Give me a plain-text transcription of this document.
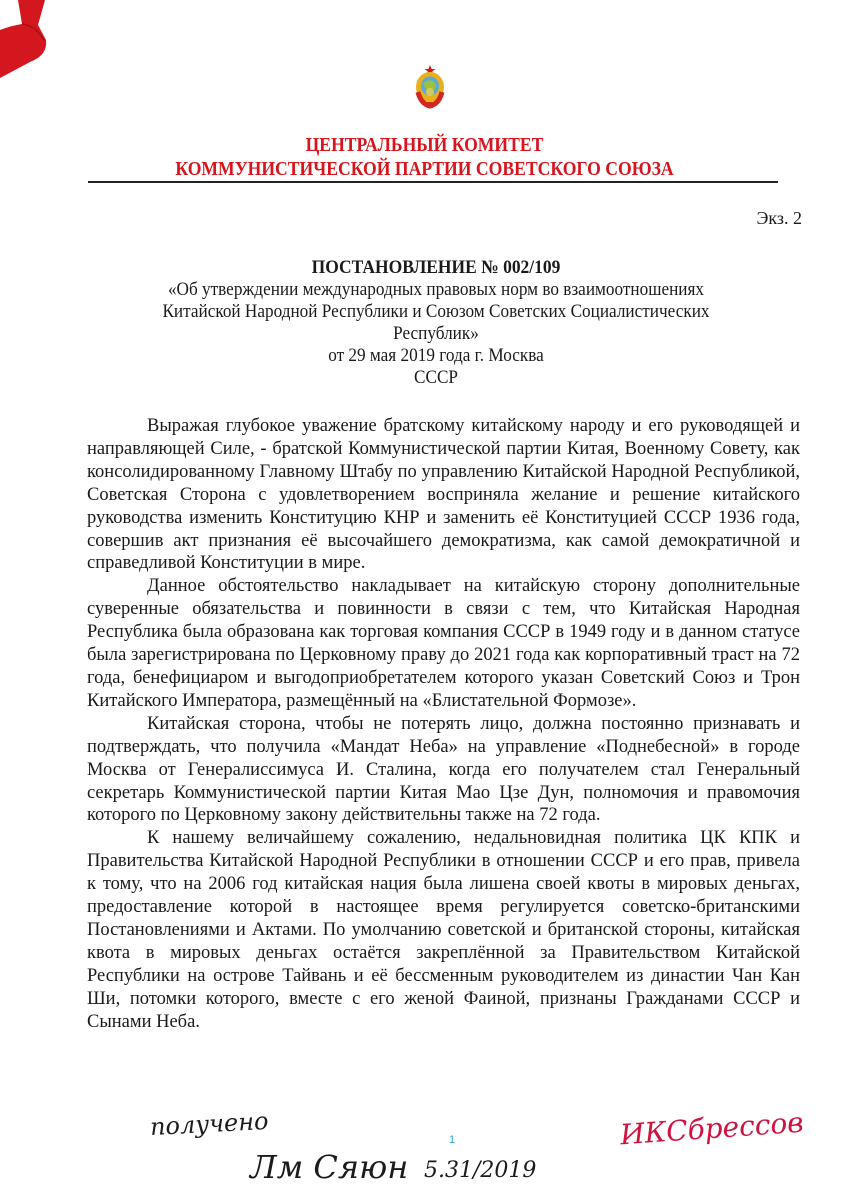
ЦЕНТРАЛЬНЫЙ КОМИТЕТ
КОММУНИСТИЧЕСКОЙ ПАРТИИ СОВЕТСКОГО СОЮЗА
Экз. 2
ПОСТАНОВЛЕНИЕ № 002/109
«Об утверждении международных правовых норм во взаимоотношениях
Китайской Народной Республики и Союзом Советских Социалистических
Республик»
от 29 мая 2019 года г. Москва
СССР

Выражая глубокое уважение братскому китайскому народу и его руководящей и направляющей Силе, - братской Коммунистической партии Китая, Военному Совету, как консолидированному Главному Штабу по управлению Китайской Народной Республикой, Советская Сторона с удовлетворением восприняла желание и решение китайского руководства изменить Конституцию КНР и заменить её Конституцией СССР 1936 года, совершив акт признания её высочайшего демократизма, как самой демократичной и справедливой Конституции в мире.

Данное обстоятельство накладывает на китайскую сторону дополнительные суверенные обязательства и повинности в связи с тем, что Китайская Народная Республика была образована как торговая компания СССР в 1949 году и в данном статусе была зарегистрирована по Церковному праву до 2021 года как корпоративный траст на 72 года, бенефициаром и выгодоприобретателем которого указан Советский Союз и Трон Китайского Императора, размещённый на «Блистательной Формозе».

Китайская сторона, чтобы не потерять лицо, должна постоянно признавать и подтверждать, что получила «Мандат Неба» на управление «Поднебесной» в городе Москва от Генералиссимуса И. Сталина, когда его получателем стал Генеральный секретарь Коммунистической партии Китая Мао Цзе Дун, полномочия и правомочия которого по Церковному закону действительны также на 72 года.

К нашему величайшему сожалению, недальновидная политика ЦК КПК и Правительства Китайской Народной Республики в отношении СССР и его прав, привела к тому, что на 2006 год китайская нация была лишена своей квоты в мировых деньгах, предоставление которой в настоящее время регулируется советско-британскими Постановлениями и Актами. По умолчанию советской и британской стороны, китайская квота в мировых деньгах остаётся закреплённой за Правительством Китайской Республики на острове Тайвань и её бессменным руководителем из династии Чан Кан Ши, потомки которого, вместе с его женой Фаиной, признаны Гражданами СССР и Сынами Неба.

получено	1	ИКСбрессов
Лм Сяюн 5.31/2019
